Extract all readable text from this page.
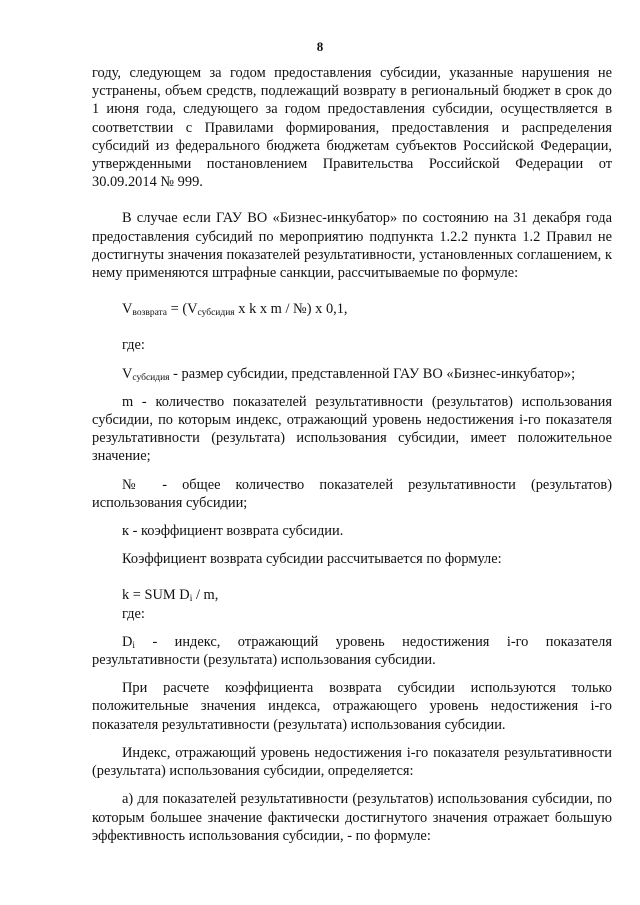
8

году, следующем за годом предоставления субсидии, указанные нарушения не устранены, объем средств, подлежащий возврату в региональный бюджет в срок до 1 июня года, следующего за годом предоставления субсидии, осуществляется в соответствии с Правилами формирования, предоставления и распределения субсидий из федерального бюджета бюджетам субъектов Российской Федерации, утвержденными постановлением Правительства Российской Федерации от 30.09.2014 № 999.

В случае если ГАУ ВО «Бизнес-инкубатор» по состоянию на 31 декабря года предоставления субсидий по мероприятию подпункта 1.2.2 пункта 1.2 Правил не достигнуты значения показателей результативности, установленных соглашением, к нему применяются штрафные санкции, рассчитываемые по формуле:

$V_{возврата} = (V_{субсидия}$ x k x m / №) x 0,1,

где:

$V_{субсидия}$ - размер субсидии, представленной ГАУ ВО «Бизнес-инкубатор»;

m - количество показателей результативности (результатов) использования субсидии, по которым индекс, отражающий уровень недостижения i-го показателя результативности (результата) использования субсидии, имеет положительное значение;

№ - общее количество показателей результативности (результатов) использования субсидии;

к - коэффициент возврата субсидии.

Коэффициент возврата субсидии рассчитывается по формуле:

k = SUM $D_i$ / m,

где:

$D_i$ - индекс, отражающий уровень недостижения i-го показателя результативности (результата) использования субсидии.

При расчете коэффициента возврата субсидии используются только положительные значения индекса, отражающего уровень недостижения i-го показателя результативности (результата) использования субсидии.

Индекс, отражающий уровень недостижения i-го показателя результативности (результата) использования субсидии, определяется:

а) для показателей результативности (результатов) использования субсидии, по которым большее значение фактически достигнутого значения отражает большую эффективность использования субсидии, - по формуле:
